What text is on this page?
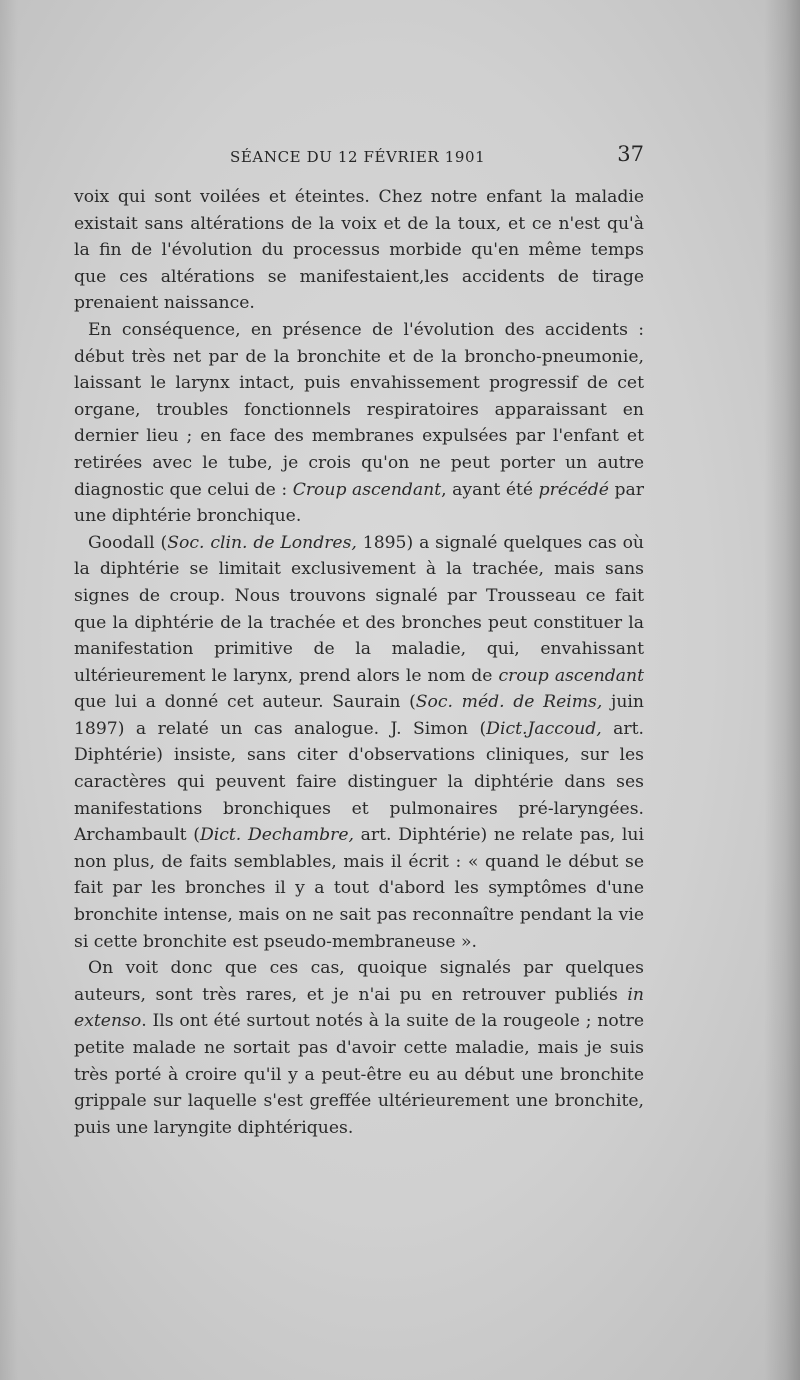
SÉANCE DU 12 FÉVRIER 1901	37

voix qui sont voilées et éteintes. Chez notre enfant la maladie existait sans altérations de la voix et de la toux, et ce n'est qu'à la fin de l'évolution du processus morbide qu'en même temps que ces altérations se manifestaient,les accidents de tirage prenaient naissance.

En conséquence, en présence de l'évolution des accidents : début très net par de la bronchite et de la broncho-pneumonie, laissant le larynx intact, puis envahissement progressif de cet organe, troubles fonctionnels respiratoires apparaissant en dernier lieu ; en face des membranes expulsées par l'enfant et retirées avec le tube, je crois qu'on ne peut porter un autre diagnostic que celui de : Croup ascendant, ayant été précédé par une diphtérie bronchique.

Goodall (Soc. clin. de Londres, 1895) a signalé quelques cas où la diphtérie se limitait exclusivement à la trachée, mais sans signes de croup. Nous trouvons signalé par Trousseau ce fait que la diphtérie de la trachée et des bronches peut constituer la manifestation primitive de la maladie, qui, envahissant ultérieurement le larynx, prend alors le nom de croup ascendant que lui a donné cet auteur. Saurain (Soc. méd. de Reims, juin 1897) a relaté un cas analogue. J. Simon (Dict.Jaccoud, art. Diphtérie) insiste, sans citer d'observations cliniques, sur les caractères qui peuvent faire distinguer la diphtérie dans ses manifestations bronchiques et pulmonaires pré-laryngées. Archambault (Dict. Dechambre, art. Diphtérie) ne relate pas, lui non plus, de faits semblables, mais il écrit : « quand le début se fait par les bronches il y a tout d'abord les symptômes d'une bronchite intense, mais on ne sait pas reconnaître pendant la vie si cette bronchite est pseudo-membraneuse ».

On voit donc que ces cas, quoique signalés par quelques auteurs, sont très rares, et je n'ai pu en retrouver publiés in extenso. Ils ont été surtout notés à la suite de la rougeole ; notre petite malade ne sortait pas d'avoir cette maladie, mais je suis très porté à croire qu'il y a peut-être eu au début une bronchite grippale sur laquelle s'est greffée ultérieurement une bronchite, puis une laryngite diphtériques.
